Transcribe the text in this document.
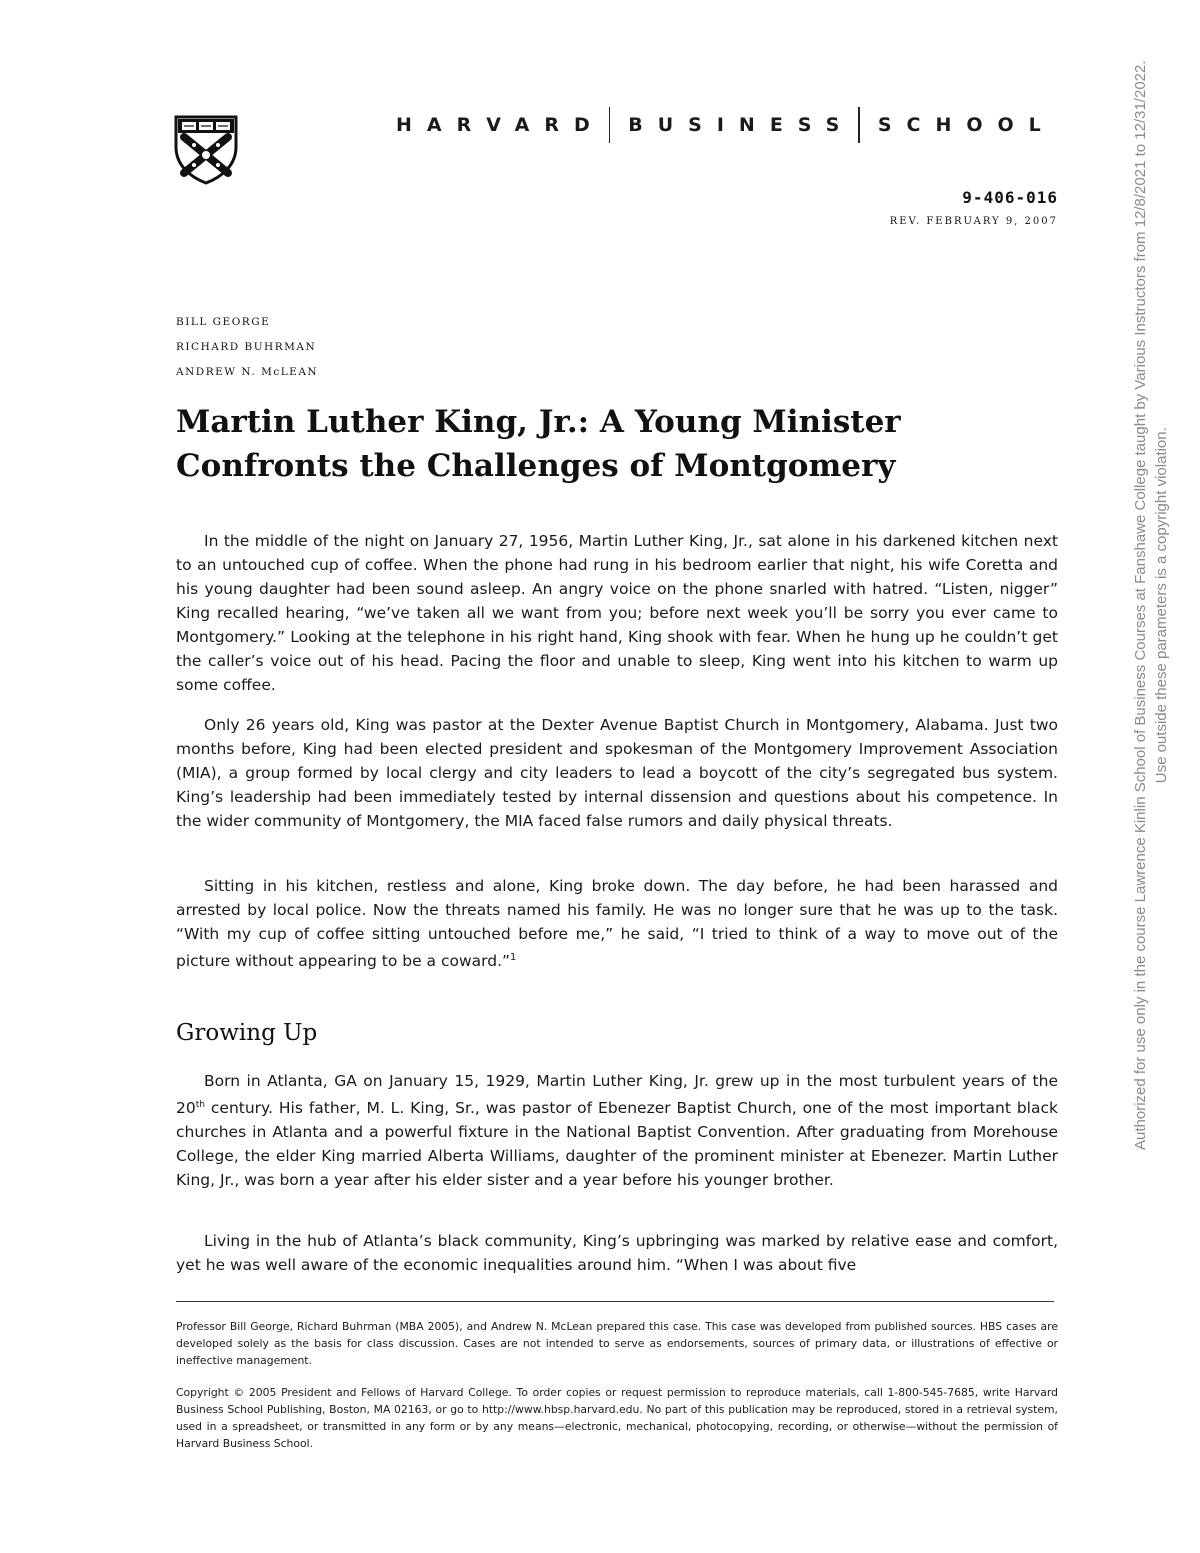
HARVARD BUSINESS SCHOOL
9-406-016
REV. FEBRUARY 9, 2007
BILL GEORGE
RICHARD BUHRMAN
ANDREW N. McLEAN
Martin Luther King, Jr.: A Young Minister
Confronts the Challenges of Montgomery

In the middle of the night on January 27, 1956, Martin Luther King, Jr., sat alone in his darkened kitchen next to an untouched cup of coffee. When the phone had rung in his bedroom earlier that night, his wife Coretta and his young daughter had been sound asleep. An angry voice on the phone snarled with hatred. “Listen, nigger” King recalled hearing, “we’ve taken all we want from you; before next week you’ll be sorry you ever came to Montgomery.” Looking at the telephone in his right hand, King shook with fear. When he hung up he couldn’t get the caller’s voice out of his head. Pacing the floor and unable to sleep, King went into his kitchen to warm up some coffee.

Only 26 years old, King was pastor at the Dexter Avenue Baptist Church in Montgomery, Alabama. Just two months before, King had been elected president and spokesman of the Montgomery Improvement Association (MIA), a group formed by local clergy and city leaders to lead a boycott of the city’s segregated bus system. King’s leadership had been immediately tested by internal dissension and questions about his competence. In the wider community of Montgomery, the MIA faced false rumors and daily physical threats.

Sitting in his kitchen, restless and alone, King broke down. The day before, he had been harassed and arrested by local police. Now the threats named his family. He was no longer sure that he was up to the task. “With my cup of coffee sitting untouched before me,” he said, “I tried to think of a way to move out of the picture without appearing to be a coward.”$^1$

Growing Up

Born in Atlanta, GA on January 15, 1929, Martin Luther King, Jr. grew up in the most turbulent years of the 20th century. His father, M. L. King, Sr., was pastor of Ebenezer Baptist Church, one of the most important black churches in Atlanta and a powerful fixture in the National Baptist Convention. After graduating from Morehouse College, the elder King married Alberta Williams, daughter of the prominent minister at Ebenezer. Martin Luther King, Jr., was born a year after his elder sister and a year before his younger brother.

Living in the hub of Atlanta’s black community, King’s upbringing was marked by relative ease and comfort, yet he was well aware of the economic inequalities around him. “When I was about five

Professor Bill George, Richard Buhrman (MBA 2005), and Andrew N. McLean prepared this case. This case was developed from published sources. HBS cases are developed solely as the basis for class discussion. Cases are not intended to serve as endorsements, sources of primary data, or illustrations of effective or ineffective management.

Copyright © 2005 President and Fellows of Harvard College. To order copies or request permission to reproduce materials, call 1-800-545-7685, write Harvard Business School Publishing, Boston, MA 02163, or go to http://www.hbsp.harvard.edu. No part of this publication may be reproduced, stored in a retrieval system, used in a spreadsheet, or transmitted in any form or by any means—electronic, mechanical, photocopying, recording, or otherwise—without the permission of Harvard Business School.

Authorized for use only in the course Lawrence Kinlin School of Business Courses at Fanshawe College taught by Various Instructors from 12/8/2021 to 12/31/2022. Use outside these parameters is a copyright violation.
